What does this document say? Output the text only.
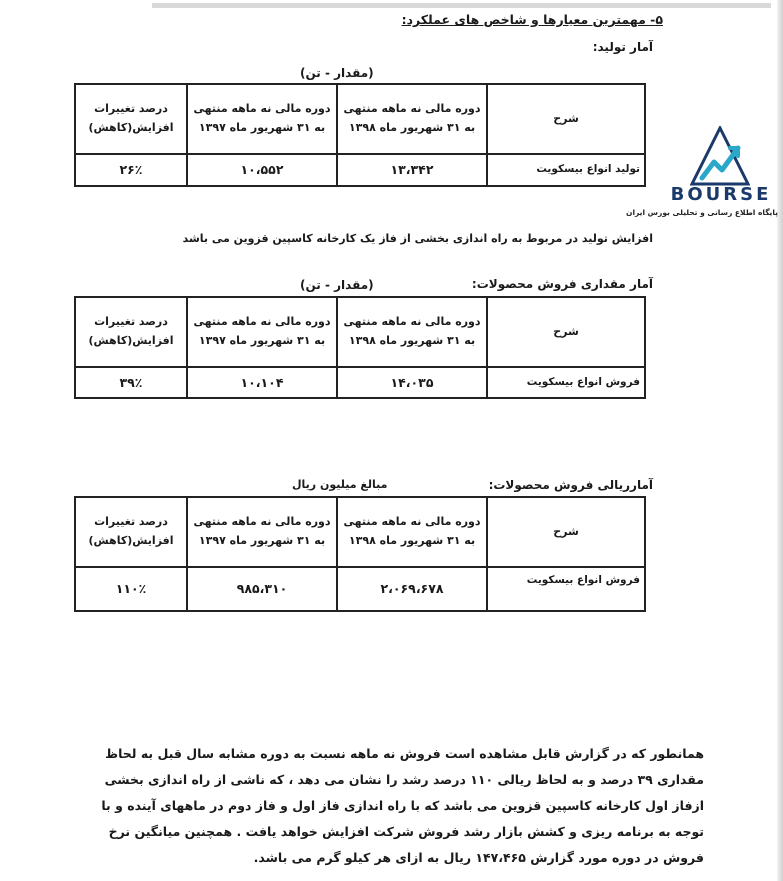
۵- مهمترین معیارها و شاخص های عملکرد:
آمار تولید:
(مقدار - تن)
شرح	دوره مالی نه ماهه منتهی به ۳۱ شهریور ماه ۱۳۹۸	دوره مالی نه ماهه منتهی به ۳۱ شهریور ماه ۱۳۹۷	درصد تغییرات افزایش(کاهش)
تولید انواع بیسکویت	۱۳،۳۴۲	۱۰،۵۵۲	۲۶٪
افزایش تولید در مربوط به راه اندازی بخشی از فاز یک کارخانه کاسپین قزوین می باشد
BOURSE
پایگاه اطلاع رسانی و تحلیلی بورس ایران
آمار مقداری فروش محصولات:
(مقدار - تن)
شرح	دوره مالی نه ماهه منتهی به ۳۱ شهریور ماه ۱۳۹۸	دوره مالی نه ماهه منتهی به ۳۱ شهریور ماه ۱۳۹۷	درصد تغییرات افزایش(کاهش)
فروش انواع بیسکویت	۱۴،۰۳۵	۱۰،۱۰۴	۳۹٪
آمارریالی فروش محصولات:
مبالغ میلیون ریال
شرح	دوره مالی نه ماهه منتهی به ۳۱ شهریور ماه ۱۳۹۸	دوره مالی نه ماهه منتهی به ۳۱ شهریور ماه ۱۳۹۷	درصد تغییرات افزایش(کاهش)
فروش انواع بیسکویت	۲،۰۶۹،۶۷۸	۹۸۵،۳۱۰	۱۱۰٪
همانطور که در گزارش قابل مشاهده است فروش نه ماهه نسبت به دوره مشابه سال قبل به لحاظ
مقداری ۳۹ درصد و به لحاظ ریالی ۱۱۰ درصد رشد را نشان می دهد ، که ناشی از راه اندازی بخشی
ازفاز اول کارخانه کاسپین قزوین می باشد که با راه اندازی فاز اول و فاز دوم در ماههای آینده و با
توجه به برنامه ریزی و کشش بازار رشد فروش شرکت افزایش خواهد یافت . همچنین میانگین نرخ
فروش در دوره مورد گزارش ۱۴۷،۴۶۵ ریال به ازای هر کیلو گرم می باشد.
